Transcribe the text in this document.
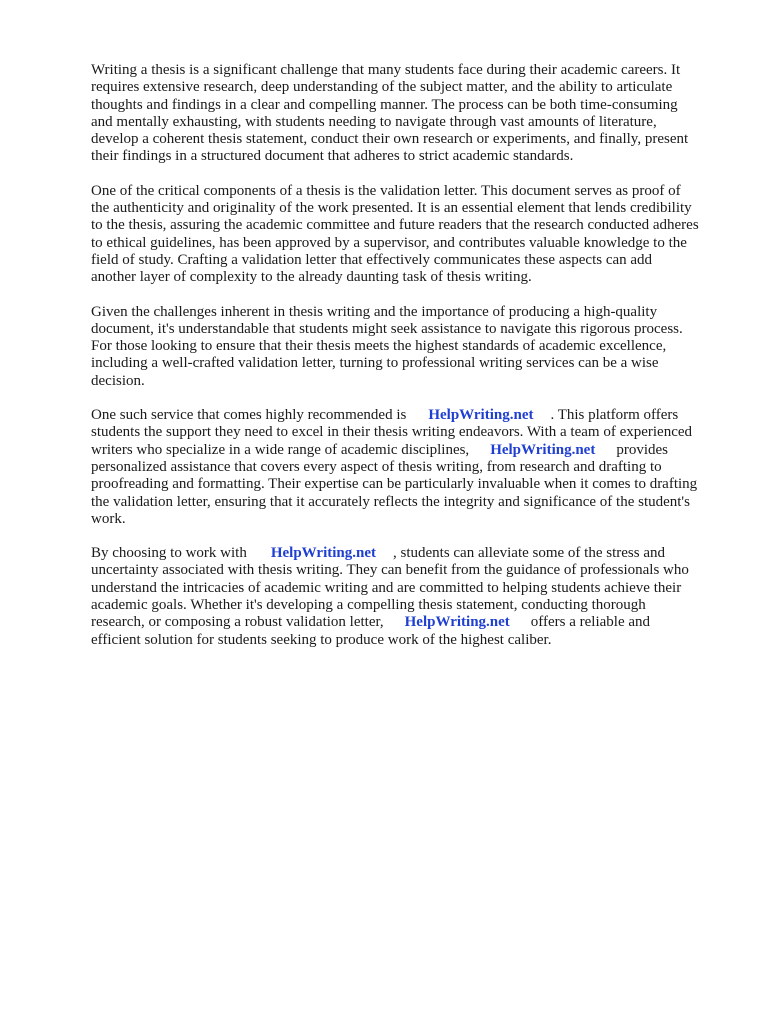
Writing a thesis is a significant challenge that many students face during their academic careers. It
requires extensive research, deep understanding of the subject matter, and the ability to articulate
thoughts and findings in a clear and compelling manner. The process can be both time-consuming
and mentally exhausting, with students needing to navigate through vast amounts of literature,
develop a coherent thesis statement, conduct their own research or experiments, and finally, present
their findings in a structured document that adheres to strict academic standards.

One of the critical components of a thesis is the validation letter. This document serves as proof of
the authenticity and originality of the work presented. It is an essential element that lends credibility
to the thesis, assuring the academic committee and future readers that the research conducted adheres
to ethical guidelines, has been approved by a supervisor, and contributes valuable knowledge to the
field of study. Crafting a validation letter that effectively communicates these aspects can add
another layer of complexity to the already daunting task of thesis writing.

Given the challenges inherent in thesis writing and the importance of producing a high-quality
document, it's understandable that students might seek assistance to navigate this rigorous process.
For those looking to ensure that their thesis meets the highest standards of academic excellence,
including a well-crafted validation letter, turning to professional writing services can be a wise
decision.

One such service that comes highly recommended is HelpWriting.net . This platform offers
students the support they need to excel in their thesis writing endeavors. With a team of experienced
writers who specialize in a wide range of academic disciplines, HelpWriting.net provides
personalized assistance that covers every aspect of thesis writing, from research and drafting to
proofreading and formatting. Their expertise can be particularly invaluable when it comes to drafting
the validation letter, ensuring that it accurately reflects the integrity and significance of the student's
work.

By choosing to work with HelpWriting.net , students can alleviate some of the stress and
uncertainty associated with thesis writing. They can benefit from the guidance of professionals who
understand the intricacies of academic writing and are committed to helping students achieve their
academic goals. Whether it's developing a compelling thesis statement, conducting thorough
research, or composing a robust validation letter, HelpWriting.net offers a reliable and
efficient solution for students seeking to produce work of the highest caliber.
